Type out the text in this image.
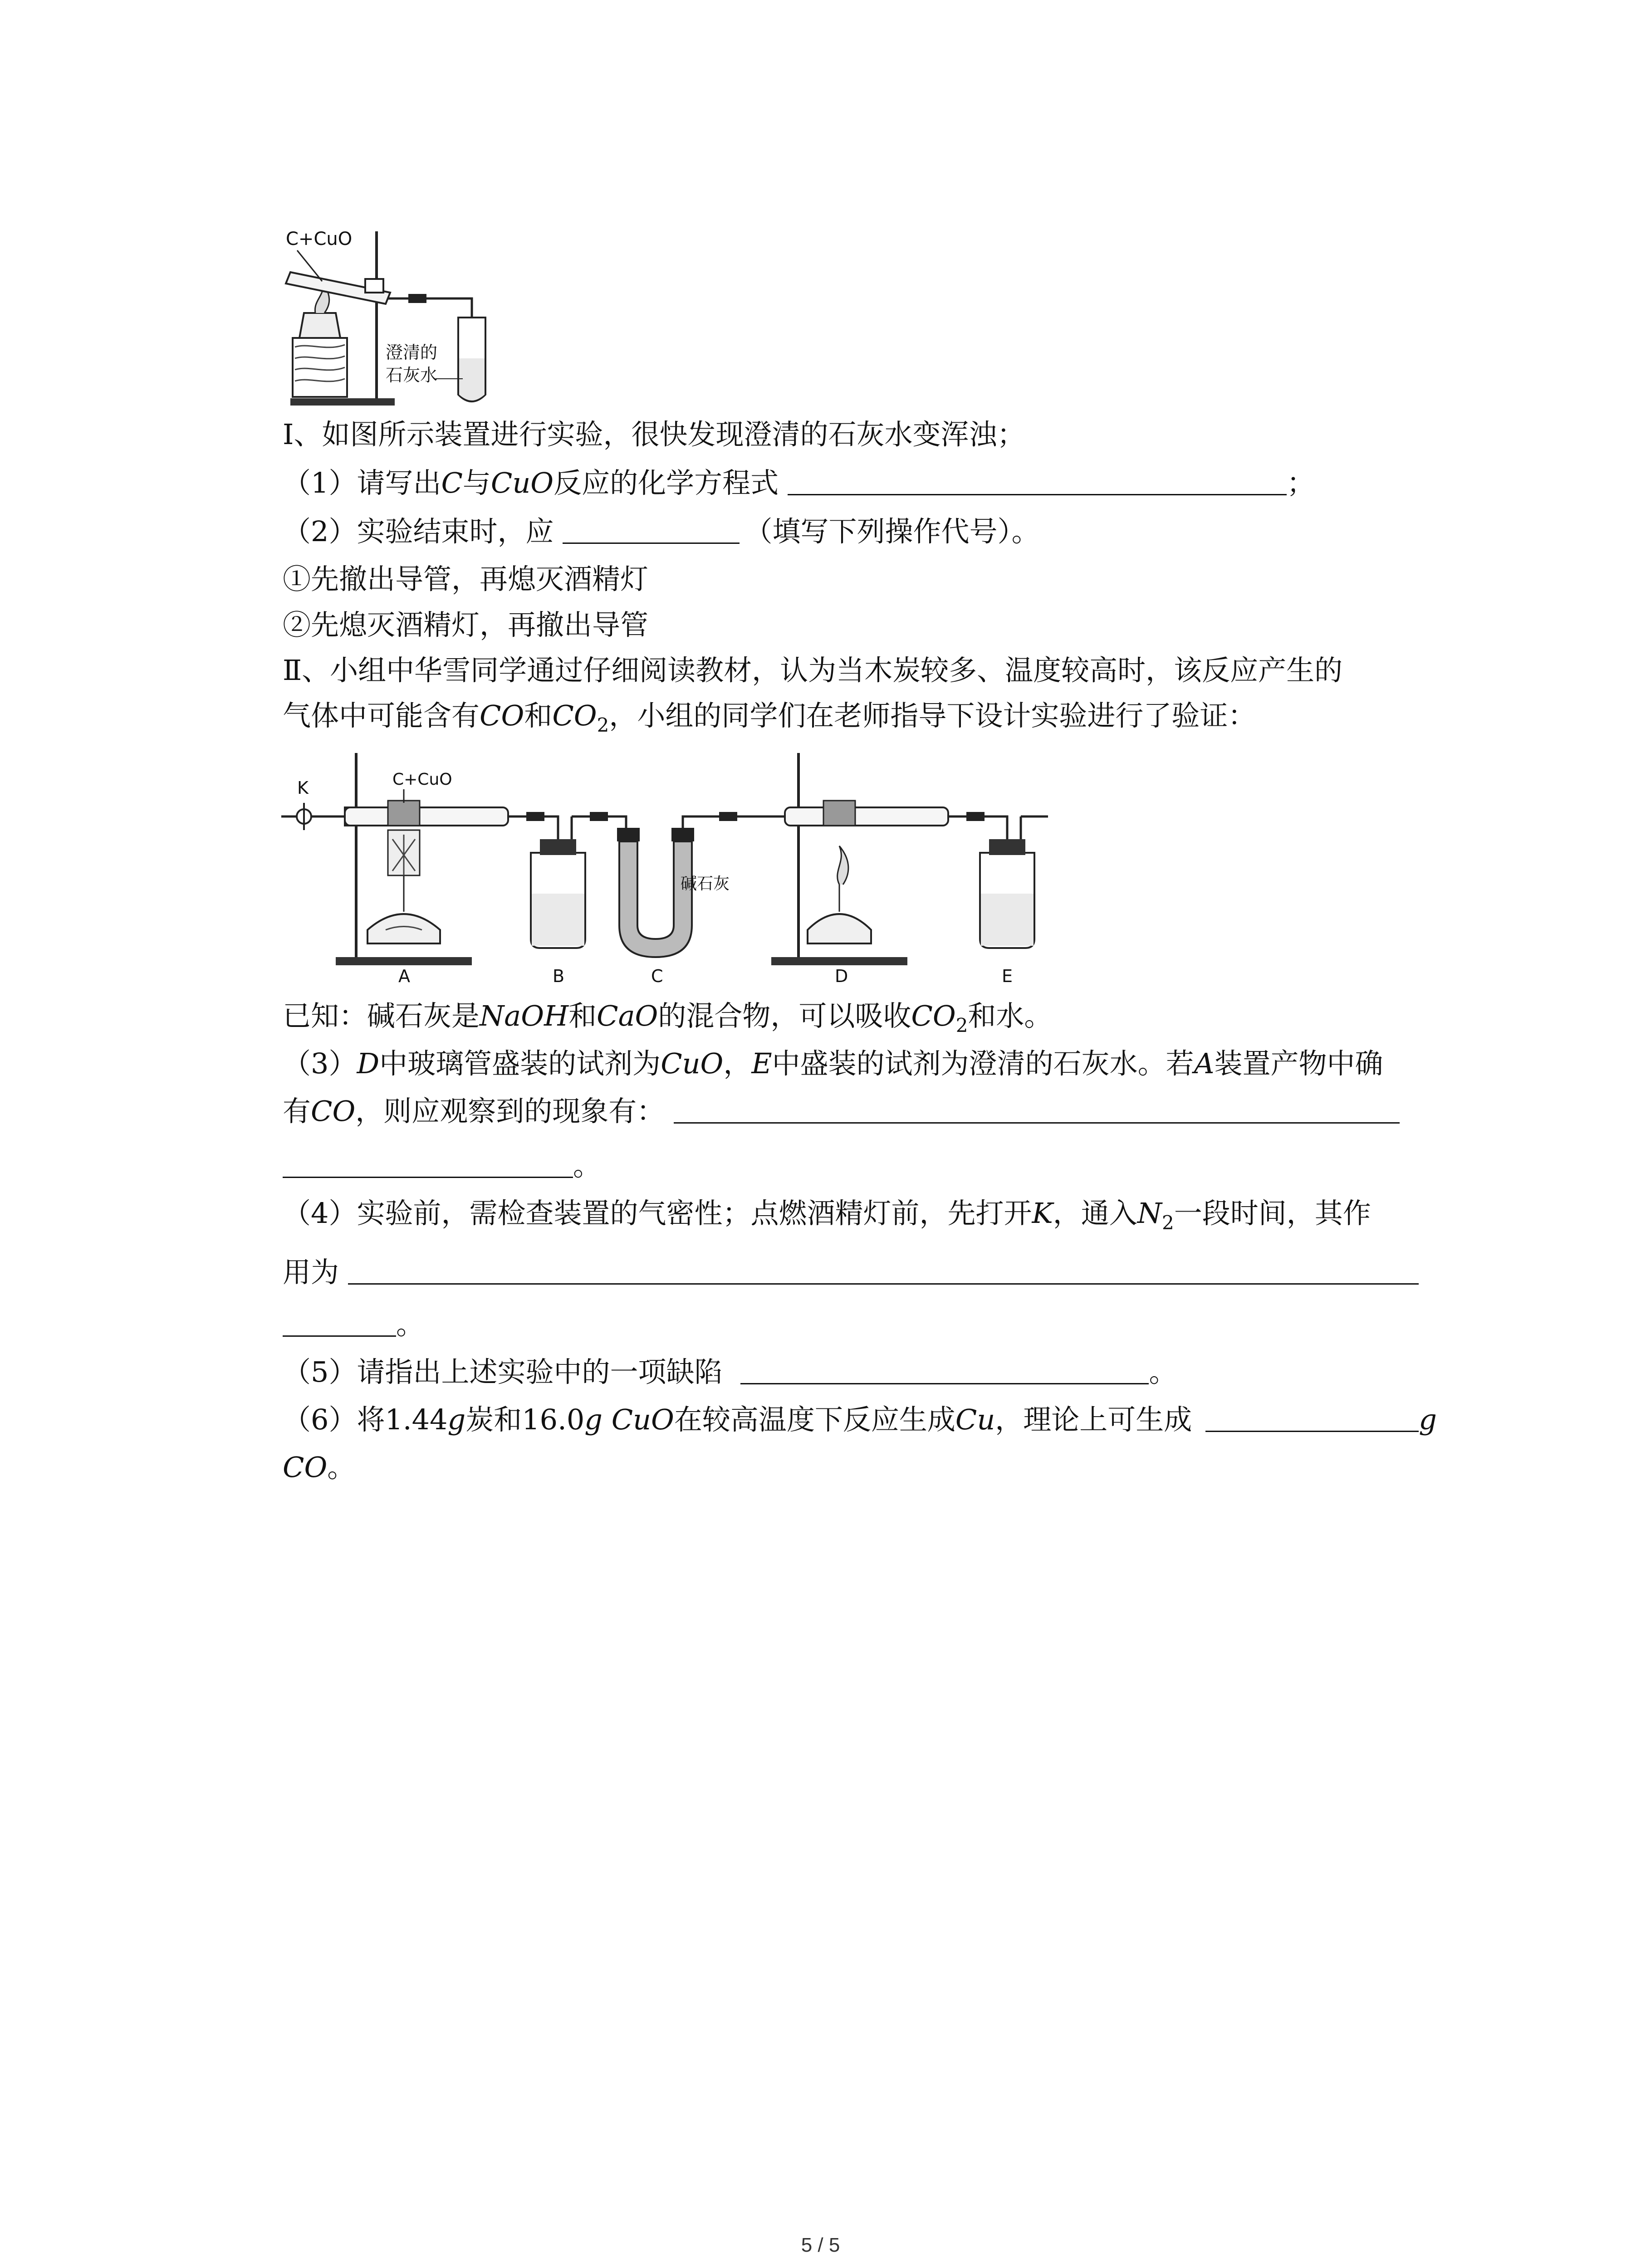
C+CuO
澄清的
石灰水
Ⅰ、如图所示装置进行实验，很快发现澄清的石灰水变浑浊；
（1）请写出C与CuO反应的化学方程式	；
（2）实验结束时，应	（填写下列操作代号）。
①先撤出导管，再熄灭酒精灯
②先熄灭酒精灯，再撤出导管
Ⅱ、小组中华雪同学通过仔细阅读教材，认为当木炭较多、温度较高时，该反应产生的
气体中可能含有CO和$CO_2$，小组的同学们在老师指导下设计实验进行了验证：
K	C+CuO
碱石灰
A	B	C	D	E
已知：碱石灰是NaOH和CaO的混合物，可以吸收$CO_2$和水。
（3）D中玻璃管盛装的试剂为CuO，E中盛装的试剂为澄清的石灰水。若A装置产物中确
有CO，则应观察到的现象有：
。
（4）实验前，需检查装置的气密性；点燃酒精灯前，先打开K，通入$N_2$一段时间，其作
用为
。
（5）请指出上述实验中的一项缺陷	。
（6）将1.44g炭和16.0g CuO在较高温度下反应生成Cu，理论上可生成	g
CO。
5 / 5
